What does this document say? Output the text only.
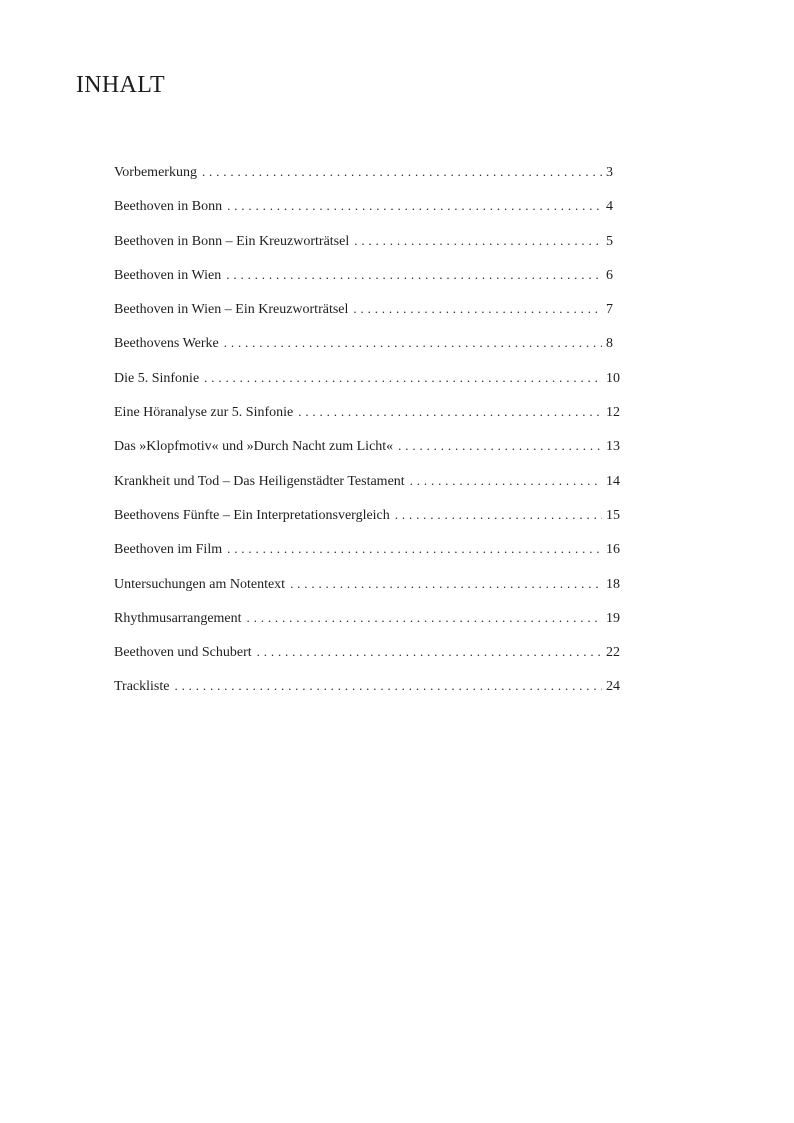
INHALT
Vorbemerkung . . .	3
Beethoven in Bonn . . .	4
Beethoven in Bonn – Ein Kreuzworträtsel . . .	5
Beethoven in Wien . . .	6
Beethoven in Wien – Ein Kreuzworträtsel . . .	7
Beethovens Werke . . .	8
Die 5. Sinfonie . . .	10
Eine Höranalyse zur 5. Sinfonie . . .	12
Das »Klopfmotiv« und »Durch Nacht zum Licht« . . .	13
Krankheit und Tod – Das Heiligenstädter Testament . . .	14
Beethovens Fünfte – Ein Interpretationsvergleich . . .	15
Beethoven im Film . . .	16
Untersuchungen am Notentext . . .	18
Rhythmusarrangement . . .	19
Beethoven und Schubert . . .	22
Trackliste . . .	24
